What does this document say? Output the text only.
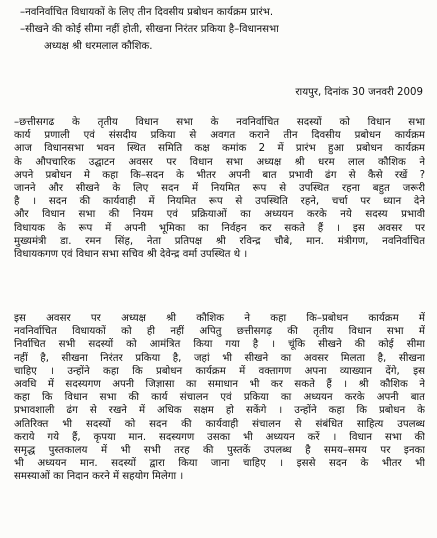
–नवनिर्वाचित विधायकों के लिए तीन दिवसीय प्रबोधन कार्यक्रम प्रारंभ.
–सीखने की कोई सीमा नहीं होती, सीखना निरंतर प्रकिया है–विधानसभा
अध्यक्ष श्री धरमलाल कौशिक.
रायपुर, दिनांक 30 जनवरी 2009
–छत्तीसगढ के तृतीय विधान सभा के नवनिर्वाचित सदस्यों को विधान सभा
कार्य प्रणाली एवं संसदीय प्रकिया से अवगत कराने तीन दिवसीय प्रबोधन कार्यक्रम
आज विधानसभा भवन स्थित समिति कक्ष कमांक 2 में प्रारंभ हुआ प्रबोधन कार्यक्रम
के औपचारिक उद्घाटन अवसर पर विधान सभा अध्यक्ष श्री धरम लाल कौशिक ने
अपने प्रबोधन मे कहा कि–सदन के भीतर अपनी बात प्रभावी ढंग से कैसे रखें ?
जानने और सीखने के लिए सदन में नियमित रूप से उपस्थित रहना बहुत जरूरी
है । सदन की कार्यवाही में नियमित रूप से उपस्थिति रहने, चर्चा पर ध्यान देने
और विधान सभा की नियम एवं प्रक्रियाओं का अध्ययन करके नये सदस्य प्रभावी
विधायक के रूप में अपनी भूमिका का निर्वहन कर सकते हैं । इस अवसर पर
मुख्यमंत्री डा. रमन सिंह, नेता प्रतिपक्ष श्री रविन्द्र चौबे, मान. मंत्रीगण, नवनिर्वाचित
विधायकगण एवं विधान सभा सचिव श्री देवेन्द्र वर्मा उपस्थित थे ।
इस अवसर पर अध्यक्ष श्री कौशिक ने कहा कि–प्रबोधन कार्यक्रम में
नवनिर्वाचित विधायकों को ही नहीं अपितु छत्तीसगढ़ की तृतीय विधान सभा में
निर्वाचित सभी सदस्यों को आमंत्रित किया गया है । चूंकि सीखने की कोई सीमा
नहीं है, सीखना निरंतर प्रकिया है, जहां भी सीखने का अवसर मिलता है, सीखना
चाहिए । उन्होंने कहा कि प्रबोधन कार्यक्रम में वक्तागण अपना व्याख्यान देंगे, इस
अवधि में सदस्यगण अपनी जिज्ञासा का समाधान भी कर सकते हैं । श्री कौशिक ने
कहा कि विधान सभा की कार्य संचालन एवं प्रकिया का अध्ययन करके अपनी बात
प्रभावशाली ढंग से रखने में अधिक सक्षम हो सकेंगे । उन्होंने कहा कि प्रबोधन के
अतिरिक्त भी सदस्यों को सदन की कार्यवाही संचालन से संबंधित साहित्य उपलब्ध
कराये गये हैं, कृपया मान. सदस्यगण उसका भी अध्ययन करें । विधान सभा की
समृद्ध पुस्तकालय में भी सभी तरह की पुस्तकें उपलब्ध है समय–समय पर इनका
भी अध्ययन मान. सदस्यों द्वारा किया जाना चाहिए । इससे सदन के भीतर भी
समस्याओं का निदान करने में सहयोग मिलेगा ।
